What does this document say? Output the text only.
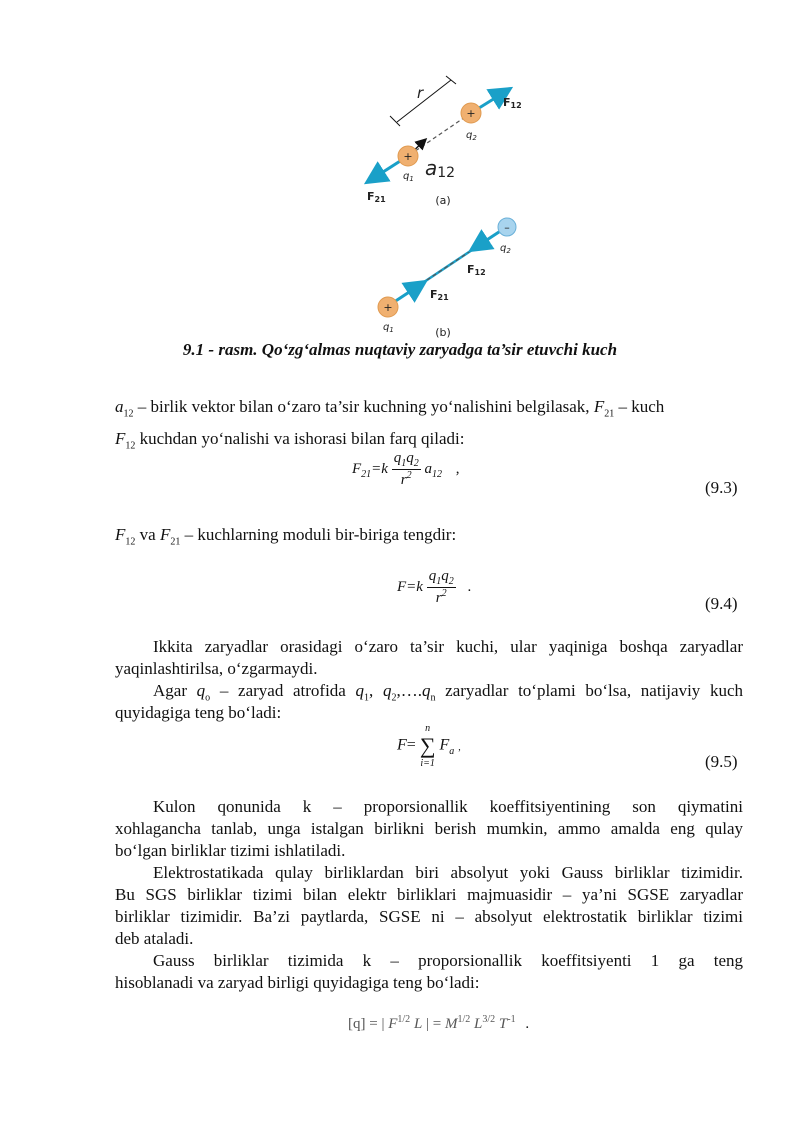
+
+
r
$q_2$
$q_1$
F12
F21
a12
(a)
–
+
$q_2$
$q_1$
F12
F21
(b)
9.1 - rasm. Qo‘zg‘almas nuqtaviy zaryadga ta’sir etuvchi kuch
$a_{12}$ – birlik vektor bilan o‘zaro ta’sir kuchning yo‘nalishini belgilasak, $F_{21}$ – kuch
$F_{12}$ kuchdan yo‘nalishi va ishorasi bilan farq qiladi:
$F_{21}=k \frac{q_1q_2}{r^2} a_{12}$ ,
(9.3)
$F_{12}$ va $F_{21}$ – kuchlarning moduli bir-biriga tengdir:
$F=k \frac{q_1q_2}{r^2}$ .
(9.4)
Ikkita zaryadlar orasidagi o‘zaro ta’sir kuchi, ular yaqiniga boshqa zaryadlar
yaqinlashtirilsa, o‘zgarmaydi.
Agar $q_o$ – zaryad atrofida $q_1$, $q_2,\dots.q_n$ zaryadlar to‘plami bo‘lsa, natijaviy kuch
quyidagiga teng bo‘ladi:
F=
n
∑
i=1
$F_a$ ,
(9.5)
Kulon qonunida k – proporsionallik koeffitsiyentining son qiymatini
xohlagancha tanlab, unga istalgan birlikni berish mumkin, ammo amalda eng qulay
bo‘lgan birliklar tizimi ishlatiladi.
Elektrostatikada qulay birliklardan biri absolyut yoki Gauss birliklar tizimidir.
Bu SGS birliklar tizimi bilan elektr birliklari majmuasidir – ya’ni SGSE zaryadlar
birliklar tizimidir. Ba’zi paytlarda, SGSE ni – absolyut elektrostatik birliklar tizimi
deb ataladi.
Gauss birliklar tizimida k – proporsionallik koeffitsiyenti 1 ga teng
hisoblanadi va zaryad birligi quyidagiga teng bo‘ladi:
[q] = | $F^{1/2}$ L | = $M^{1/2}$ $L^{3/2}$ $T^{-1}$ .
